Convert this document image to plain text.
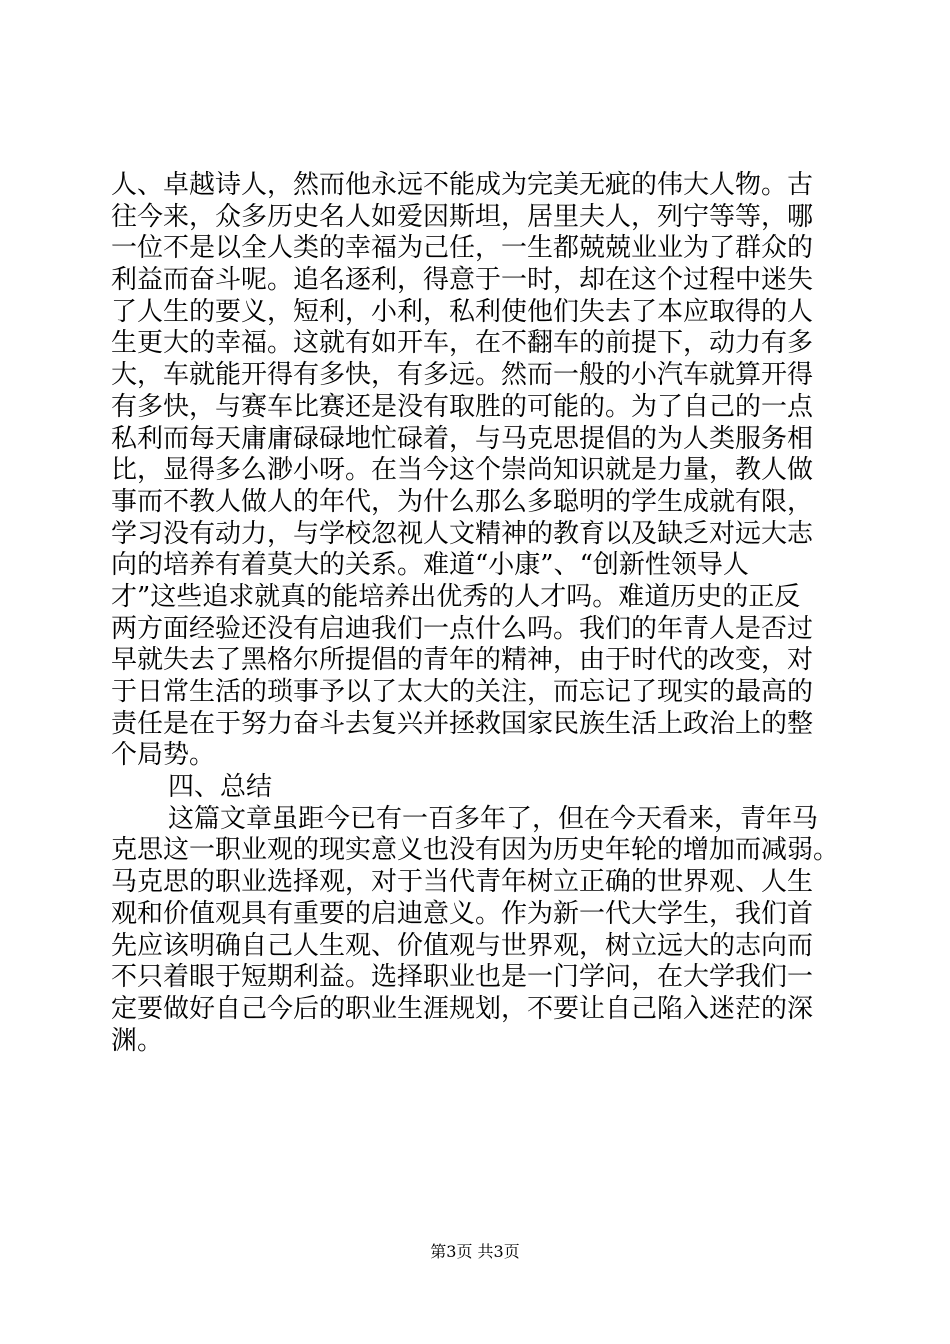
人、卓越诗人，然而他永远不能成为完美无疵的伟大人物。古
往今来，众多历史名人如爱因斯坦，居里夫人，列宁等等，哪
一位不是以全人类的幸福为己任，一生都兢兢业业为了群众的
利益而奋斗呢。追名逐利，得意于一时，却在这个过程中迷失
了人生的要义，短利，小利，私利使他们失去了本应取得的人
生更大的幸福。这就有如开车，在不翻车的前提下，动力有多
大，车就能开得有多快，有多远。然而一般的小汽车就算开得
有多快，与赛车比赛还是没有取胜的可能的。为了自己的一点
私利而每天庸庸碌碌地忙碌着，与马克思提倡的为人类服务相
比，显得多么渺小呀。在当今这个崇尚知识就是力量，教人做
事而不教人做人的年代，为什么那么多聪明的学生成就有限，
学习没有动力，与学校忽视人文精神的教育以及缺乏对远大志
向的培养有着莫大的关系。难道“小康”、“创新性领导人
才”这些追求就真的能培养出优秀的人才吗。难道历史的正反
两方面经验还没有启迪我们一点什么吗。我们的年青人是否过
早就失去了黑格尔所提倡的青年的精神，由于时代的改变，对
于日常生活的琐事予以了太大的关注，而忘记了现实的最高的
责任是在于努力奋斗去复兴并拯救国家民族生活上政治上的整
个局势。
四、总结
这篇文章虽距今已有一百多年了，但在今天看来，青年马
克思这一职业观的现实意义也没有因为历史年轮的增加而减弱。
马克思的职业选择观，对于当代青年树立正确的世界观、人生
观和价值观具有重要的启迪意义。作为新一代大学生，我们首
先应该明确自己人生观、价值观与世界观，树立远大的志向而
不只着眼于短期利益。选择职业也是一门学问，在大学我们一
定要做好自己今后的职业生涯规划，不要让自己陷入迷茫的深
渊。
第3页 共3页
